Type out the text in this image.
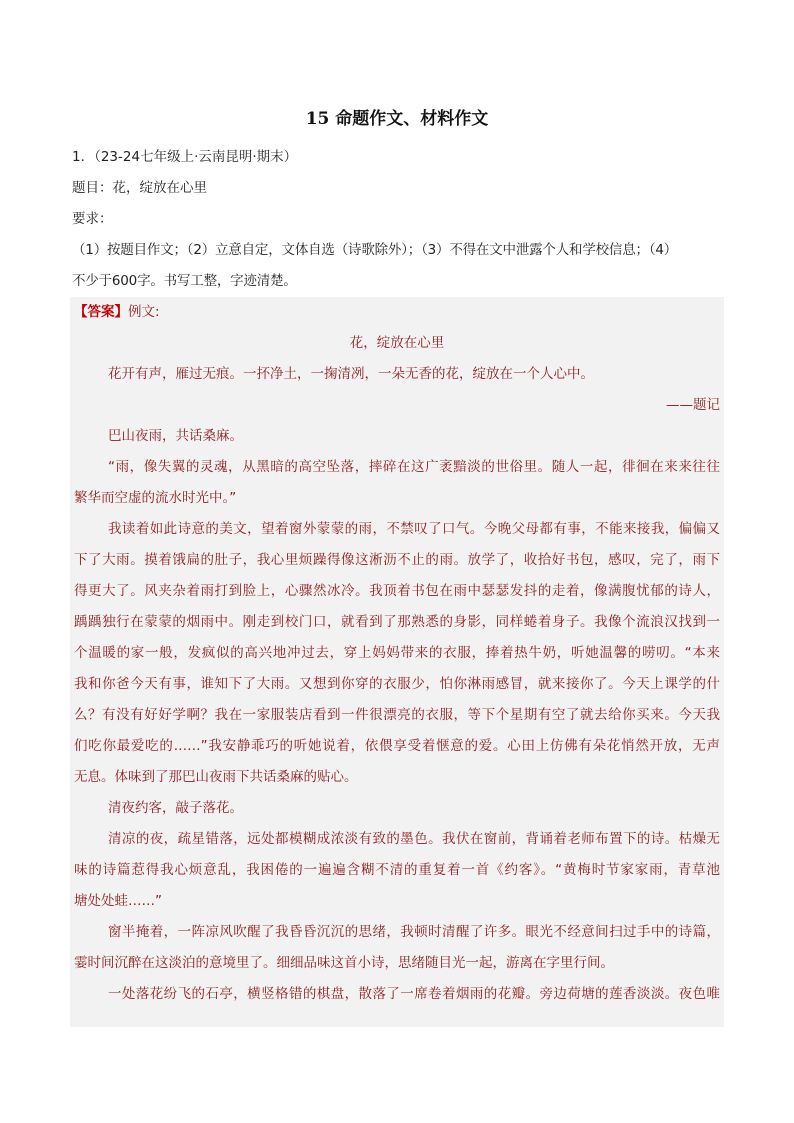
15 命题作文、材料作文

1．（23-24七年级上·云南昆明·期末）

题目：花，绽放在心里

要求：

（1）按题目作文；（2）立意自定，文体自选（诗歌除外）；（3）不得在文中泄露个人和学校信息；（4）

不少于600字。书写工整，字迹清楚。

【答案】例文:
花，绽放在心里
花开有声，雁过无痕。一抔净土，一掬清冽，一朵无香的花，绽放在一个人心中。
——题记
巴山夜雨，共话桑麻。
“雨，像失翼的灵魂，从黑暗的高空坠落，摔碎在这广袤黯淡的世俗里。随人一起，徘徊在来来往往
繁华而空虚的流水时光中。”
我读着如此诗意的美文，望着窗外蒙蒙的雨，不禁叹了口气。今晚父母都有事，不能来接我，偏偏又
下了大雨。摸着饿扁的肚子，我心里烦躁得像这淅沥不止的雨。放学了，收拾好书包，感叹，完了，雨下
得更大了。风夹杂着雨打到脸上，心骤然冰冷。我顶着书包在雨中瑟瑟发抖的走着，像满腹忧郁的诗人，
踽踽独行在蒙蒙的烟雨中。刚走到校门口，就看到了那熟悉的身影，同样蜷着身子。我像个流浪汉找到一
个温暖的家一般，发疯似的高兴地冲过去，穿上妈妈带来的衣服，捧着热牛奶，听她温馨的唠叨。“本来
我和你爸今天有事，谁知下了大雨。又想到你穿的衣服少，怕你淋雨感冒，就来接你了。今天上课学的什
么？有没有好好学啊？我在一家服装店看到一件很漂亮的衣服，等下个星期有空了就去给你买来。今天我
们吃你最爱吃的……”我安静乖巧的听她说着，依偎享受着惬意的爱。心田上仿佛有朵花悄然开放，无声
无息。体味到了那巴山夜雨下共话桑麻的贴心。
清夜约客，敲子落花。
清凉的夜，疏星错落，远处都模糊成浓淡有致的墨色。我伏在窗前，背诵着老师布置下的诗。枯燥无
味的诗篇惹得我心烦意乱，我困倦的一遍遍含糊不清的重复着一首《约客》。“黄梅时节家家雨，青草池
塘处处蛙……”
窗半掩着，一阵凉风吹醒了我昏昏沉沉的思绪，我顿时清醒了许多。眼光不经意间扫过手中的诗篇，
霎时间沉醉在这淡泊的意境里了。细细品味这首小诗，思绪随目光一起，游离在字里行间。
一处落花纷飞的石亭，横竖格错的棋盘，散落了一席卷着烟雨的花瓣。旁边荷塘的莲香淡淡。夜色唯
